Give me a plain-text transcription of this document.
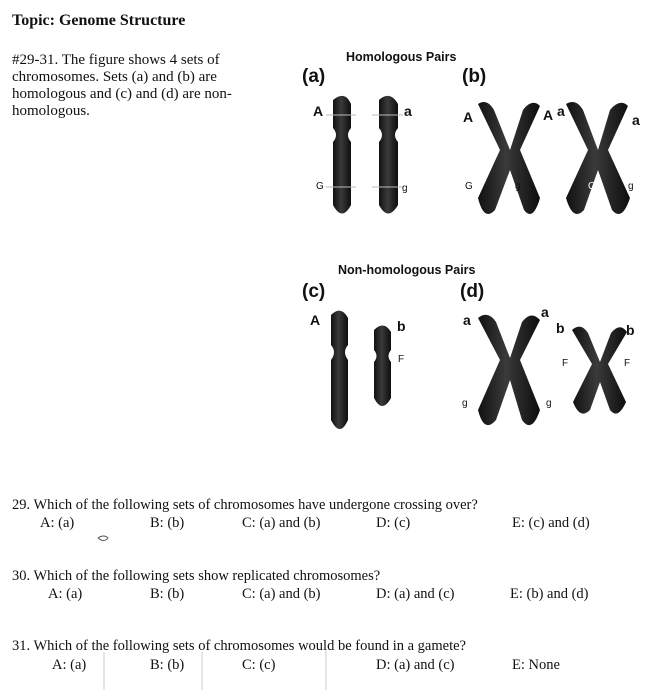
Topic: Genome Structure
#29-31. The figure shows 4 sets of chromosomes. Sets (a) and (b) are homologous and (c) and (d) are non-homologous.
Homologous Pairs
Non-homologous Pairs
(a)	(b)
(c)	(d)
A	a
G	g
A	A a
a
G	g	G	g
A	b
F
g
a	a
b	b
F	F
g	g
29. Which of the following sets of chromosomes have undergone crossing over?
A: (a)	B: (b)	C: (a) and (b)	D: (c)	E: (c) and (d)
30. Which of the following sets show replicated chromosomes?
A: (a)	B: (b)	C: (a) and (b)	D: (a) and (c)	E: (b) and (d)
31. Which of the following sets of chromosomes would be found in a gamete?
A: (a)	B: (b)	C: (c)	D: (a) and (c)	E: None
